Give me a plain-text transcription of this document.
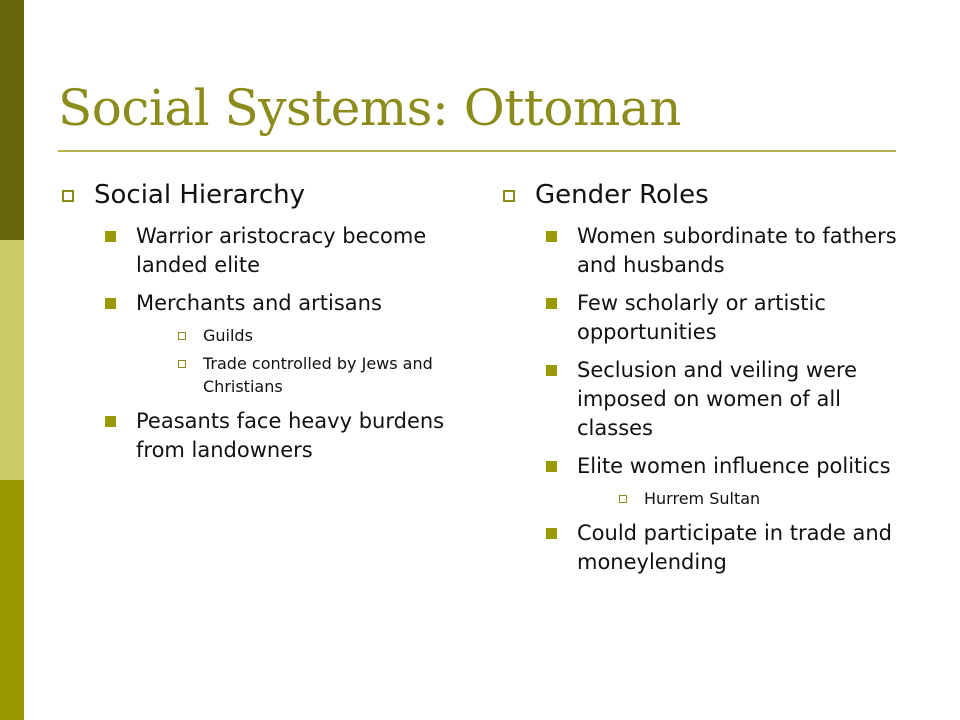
Social Systems: Ottoman
Social Hierarchy
Warrior aristocracy become landed elite
Merchants and artisans
Guilds
Trade controlled by Jews and Christians
Peasants face heavy burdens from landowners
Gender Roles
Women subordinate to fathers and husbands
Few scholarly or artistic opportunities
Seclusion and veiling were imposed on women of all classes
Elite women influence politics
Hurrem Sultan
Could participate in trade and moneylending
